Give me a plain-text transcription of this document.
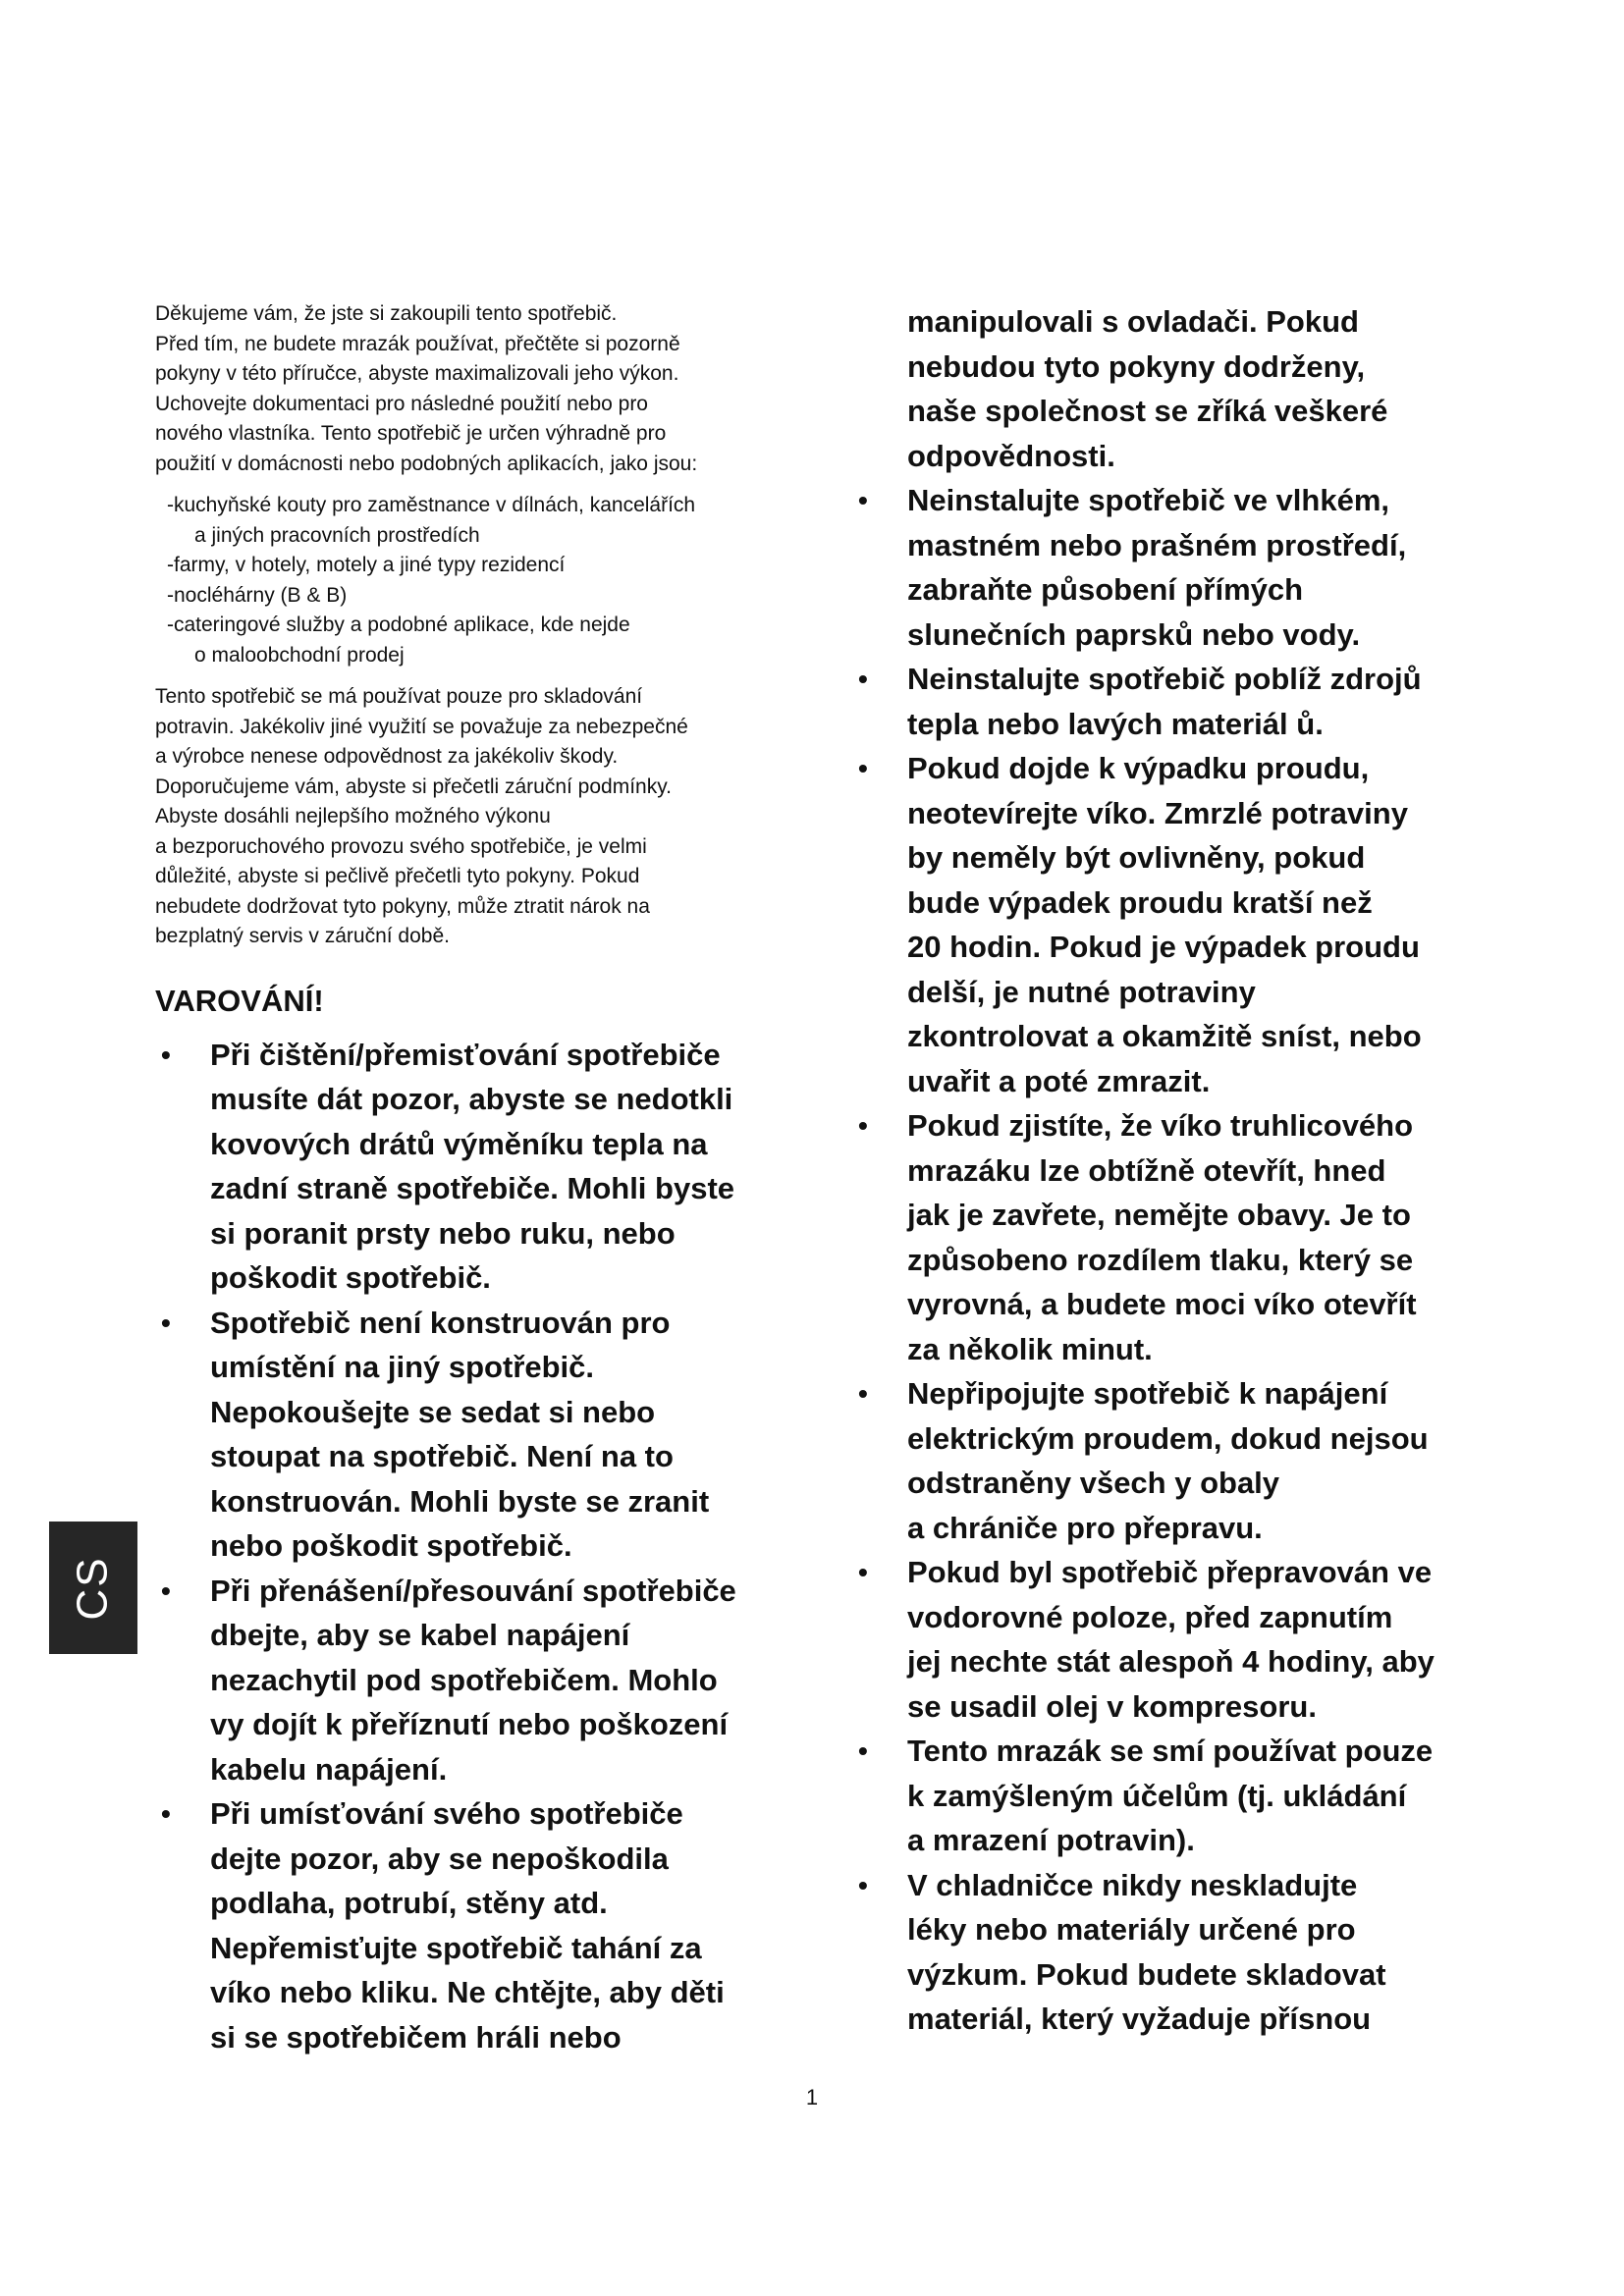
Děkujeme vám, že jste si zakoupili tento spotřebič.

Před tím, ne budete mrazák používat, přečtěte si pozorně

pokyny v této příručce, abyste maximalizovali jeho výkon.

Uchovejte dokumentaci pro následné použití nebo pro

nového vlastníka. Tento spotřebič je určen výhradně pro

použití v domácnosti nebo podobných aplikacích, jako jsou:

-kuchyňské kouty pro zaměstnance v dílnách, kancelářích
a jiných pracovních prostředích
-farmy, v hotely, motely a jiné typy rezidencí
-nocléhárny (B & B)
-cateringové služby a podobné aplikace, kde nejde
o maloobchodní prodej

Tento spotřebič se má používat pouze pro skladování

potravin. Jakékoliv jiné využití se považuje za nebezpečné

a výrobce nenese odpovědnost za jakékoliv škody.

Doporučujeme vám, abyste si přečetli záruční podmínky.

Abyste dosáhli nejlepšího možného výkonu

a bezporuchového provozu svého spotřebiče, je velmi

důležité, abyste si pečlivě přečetli tyto pokyny. Pokud

nebudete dodržovat tyto pokyny, může ztratit nárok na

bezplatný servis v záruční době.

VAROVÁNÍ!
• Při čištění/přemisťování spotřebiče
musíte dát pozor, abyste se nedotkli
kovových drátů výměníku tepla na
zadní straně spotřebiče. Mohli byste
si poranit prsty nebo ruku, nebo
poškodit spotřebič.
• Spotřebič není konstruován pro
umístění na jiný spotřebič.
Nepokoušejte se sedat si nebo
stoupat na spotřebič. Není na to
konstruován. Mohli byste se zranit
nebo poškodit spotřebič.
• Při přenášení/přesouvání spotřebiče
dbejte, aby se kabel napájení
nezachytil pod spotřebičem. Mohlo
vy dojít k přeříznutí nebo poškození
kabelu napájení.
• Při umísťování svého spotřebiče
dejte pozor, aby se nepoškodila
podlaha, potrubí, stěny atd.
Nepřemisťujte spotřebič tahání za
víko nebo kliku. Ne chtějte, aby děti
si se spotřebičem hráli nebo
manipulovali s ovladači. Pokud
nebudou tyto pokyny dodrženy,
naše společnost se zříká veškeré
odpovědnosti.
• Neinstalujte spotřebič ve vlhkém,
mastném nebo prašném prostředí,
zabraňte působení přímých
slunečních paprsků nebo vody.
• Neinstalujte spotřebič poblíž zdrojů
tepla nebo lavých materiál ů.
• Pokud dojde k výpadku proudu,
neotevírejte víko. Zmrzlé potraviny
by neměly být ovlivněny, pokud
bude výpadek proudu kratší než
20 hodin. Pokud je výpadek proudu
delší, je nutné potraviny
zkontrolovat a okamžitě sníst, nebo
uvařit a poté zmrazit.
• Pokud zjistíte, že víko truhlicového
mrazáku lze obtížně otevřít, hned
jak je zavřete, nemějte obavy. Je to
způsobeno rozdílem tlaku, který se
vyrovná, a budete moci víko otevřít
za několik minut.
• Nepřipojujte spotřebič k napájení
elektrickým proudem, dokud nejsou
odstraněny všech y obaly
a chrániče pro přepravu.
• Pokud byl spotřebič přepravován ve
vodorovné poloze, před zapnutím
jej nechte stát alespoň 4 hodiny, aby
se usadil olej v kompresoru.
• Tento mrazák se smí používat pouze
k zamýšleným účelům (tj. ukládání
a mrazení potravin).
• V chladničce nikdy neskladujte
léky nebo materiály určené pro
výzkum. Pokud budete skladovat
materiál, který vyžaduje přísnou
CS
1
